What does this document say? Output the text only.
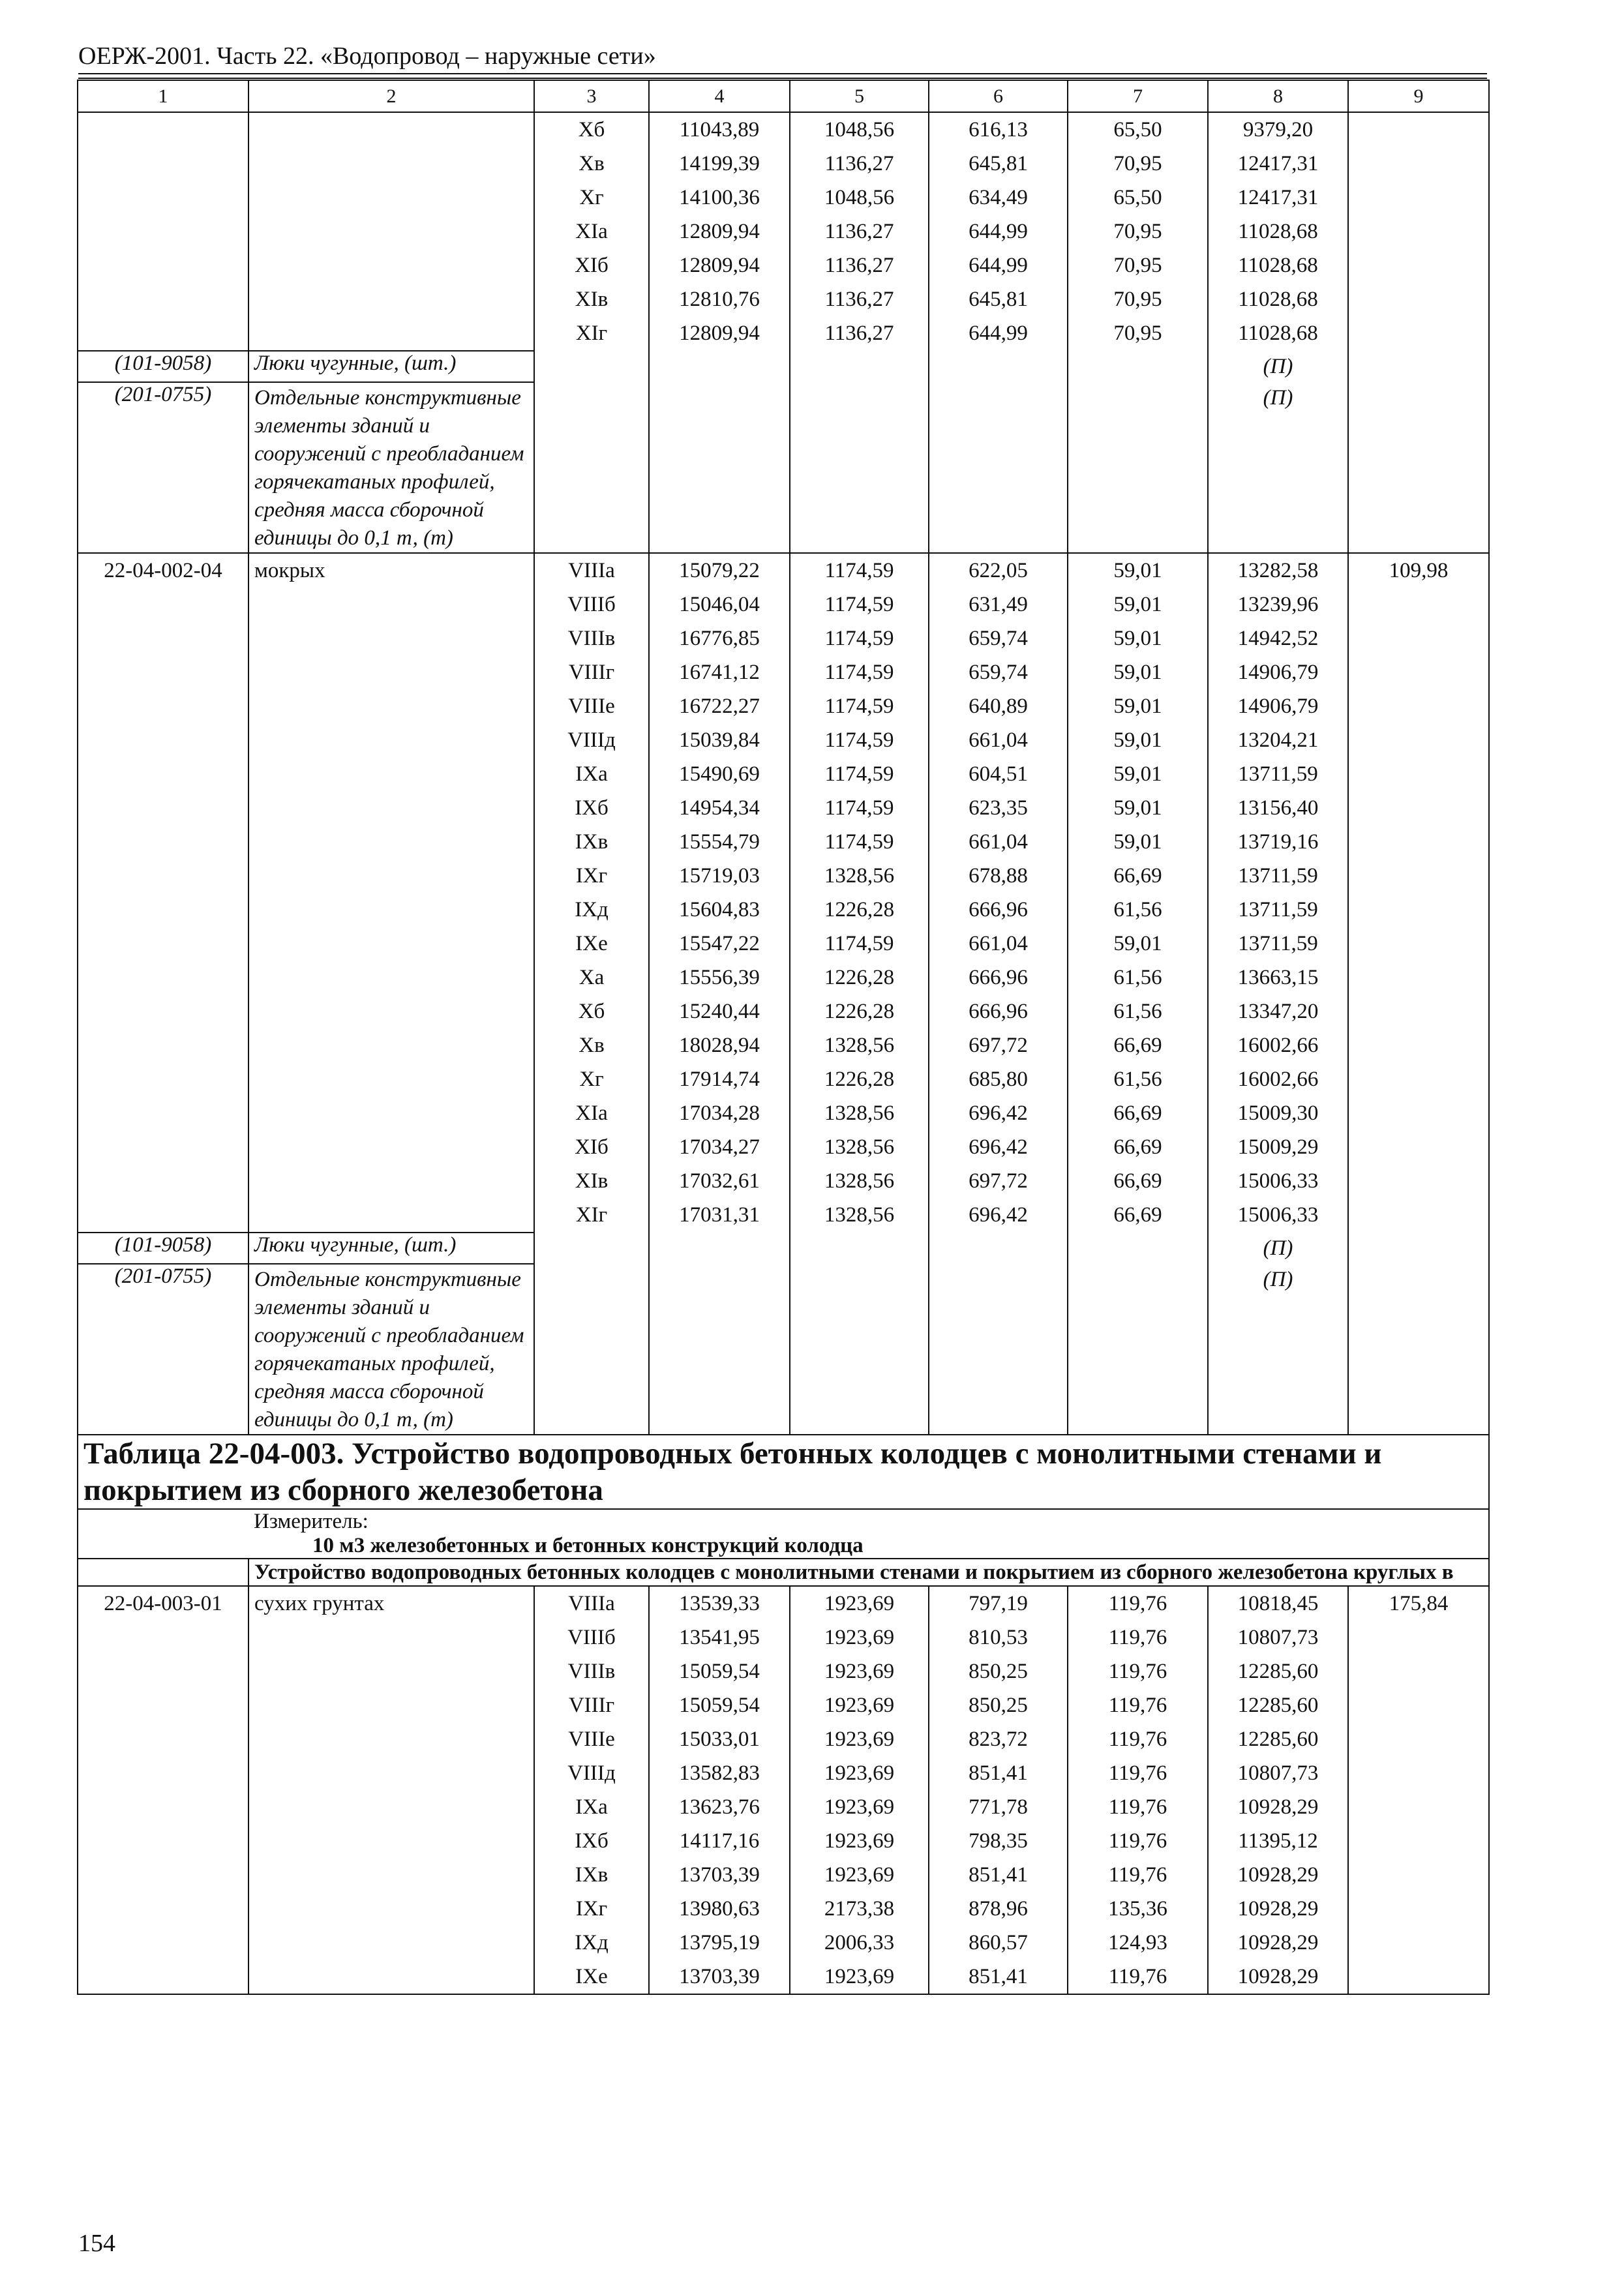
ОЕРЖ-2001. Часть 22. «Водопровод – наружные сети»
1	2	3	4	5	6	7	8	9
		Xб	11043,89	1048,56	616,13	65,50	9379,20	
		Xв	14199,39	1136,27	645,81	70,95	12417,31	
		Xг	14100,36	1048,56	634,49	65,50	12417,31	
		XIа	12809,94	1136,27	644,99	70,95	11028,68	
		XIб	12809,94	1136,27	644,99	70,95	11028,68	
		XIв	12810,76	1136,27	645,81	70,95	11028,68	
		XIг	12809,94	1136,27	644,99	70,95	11028,68	

(101-9058)	Люки чугунные, (шт.)						(П)	

(201-0755)	Отдельные конструктивные элементы зданий и сооружений с преобладанием горячекатаных профилей, средняя масса сборочной единицы до 0,1 т, (т)						(П)	

22-04-002-04	мокрых	VIIIа	15079,22	1174,59	622,05	59,01	13282,58	109,98
		VIIIб	15046,04	1174,59	631,49	59,01	13239,96	
		VIIIв	16776,85	1174,59	659,74	59,01	14942,52	
		VIIIг	16741,12	1174,59	659,74	59,01	14906,79	
		VIIIе	16722,27	1174,59	640,89	59,01	14906,79	
		VIIIд	15039,84	1174,59	661,04	59,01	13204,21	
		IXа	15490,69	1174,59	604,51	59,01	13711,59	
		IXб	14954,34	1174,59	623,35	59,01	13156,40	
		IXв	15554,79	1174,59	661,04	59,01	13719,16	
		IXг	15719,03	1328,56	678,88	66,69	13711,59	
		IXд	15604,83	1226,28	666,96	61,56	13711,59	
		IXе	15547,22	1174,59	661,04	59,01	13711,59	
		Xа	15556,39	1226,28	666,96	61,56	13663,15	
		Xб	15240,44	1226,28	666,96	61,56	13347,20	
		Xв	18028,94	1328,56	697,72	66,69	16002,66	
		Xг	17914,74	1226,28	685,80	61,56	16002,66	
		XIа	17034,28	1328,56	696,42	66,69	15009,30	
		XIб	17034,27	1328,56	696,42	66,69	15009,29	
		XIв	17032,61	1328,56	697,72	66,69	15006,33	
		XIг	17031,31	1328,56	696,42	66,69	15006,33	

(101-9058)	Люки чугунные, (шт.)						(П)	

(201-0755)	Отдельные конструктивные элементы зданий и сооружений с преобладанием горячекатаных профилей, средняя масса сборочной единицы до 0,1 т, (т)						(П)	
Таблица 22-04-003. Устройство водопроводных бетонных колодцев с монолитными стенами и покрытием из сборного железобетона								

	Измеритель:
10 м3 железобетонных и бетонных конструкций колодца							
	Устройство водопроводных бетонных колодцев с монолитными стенами и покрытием из сборного железобетона круглых в							

22-04-003-01	сухих грунтах	VIIIа	13539,33	1923,69	797,19	119,76	10818,45	175,84
		VIIIб	13541,95	1923,69	810,53	119,76	10807,73	
		VIIIв	15059,54	1923,69	850,25	119,76	12285,60	
		VIIIг	15059,54	1923,69	850,25	119,76	12285,60	
		VIIIе	15033,01	1923,69	823,72	119,76	12285,60	
		VIIIд	13582,83	1923,69	851,41	119,76	10807,73	
		IXа	13623,76	1923,69	771,78	119,76	10928,29	
		IXб	14117,16	1923,69	798,35	119,76	11395,12	
		IXв	13703,39	1923,69	851,41	119,76	10928,29	
		IXг	13980,63	2173,38	878,96	135,36	10928,29	
		IXд	13795,19	2006,33	860,57	124,93	10928,29	
		IXе	13703,39	1923,69	851,41	119,76	10928,29	
154
